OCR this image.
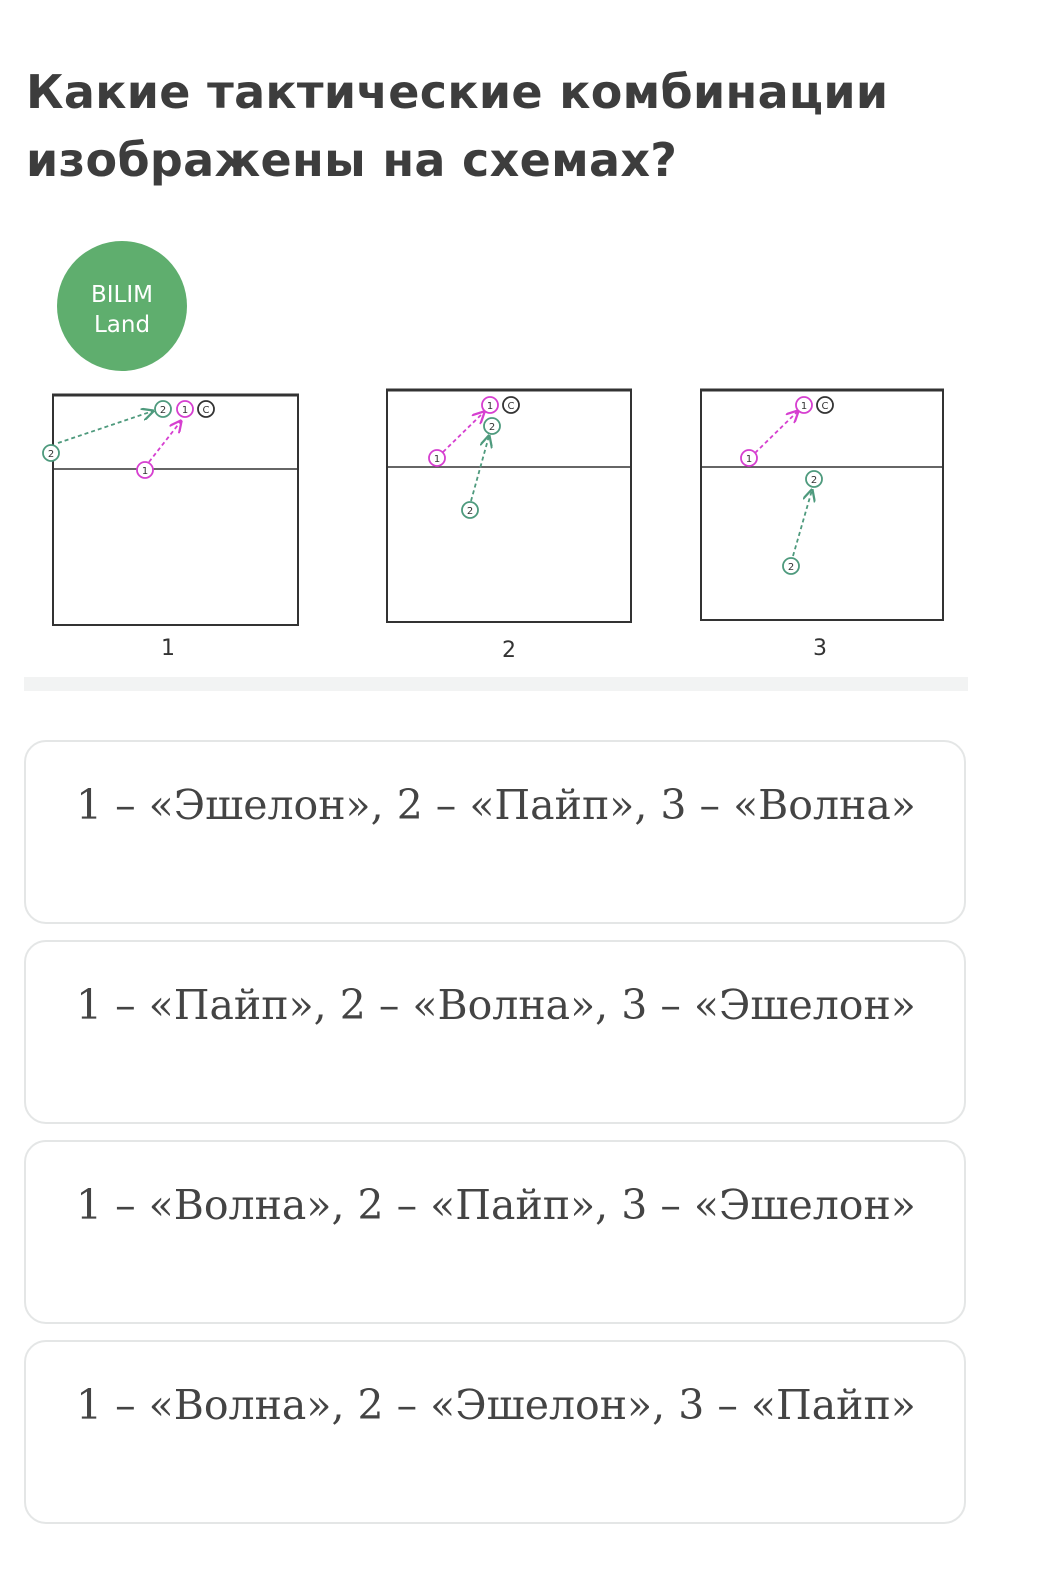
Какие тактические комбинации изображены на схемах?
BILIM
Land
2
1
2 1 C
1
1
2
1 C
2
2
1
2
1 C
2
3
1 – «Эшелон», 2 – «Пайп», 3 – «Волна»
1 – «Пайп», 2 – «Волна», 3 – «Эшелон»
1 – «Волна», 2 – «Пайп», 3 – «Эшелон»
1 – «Волна», 2 – «Эшелон», 3 – «Пайп»
